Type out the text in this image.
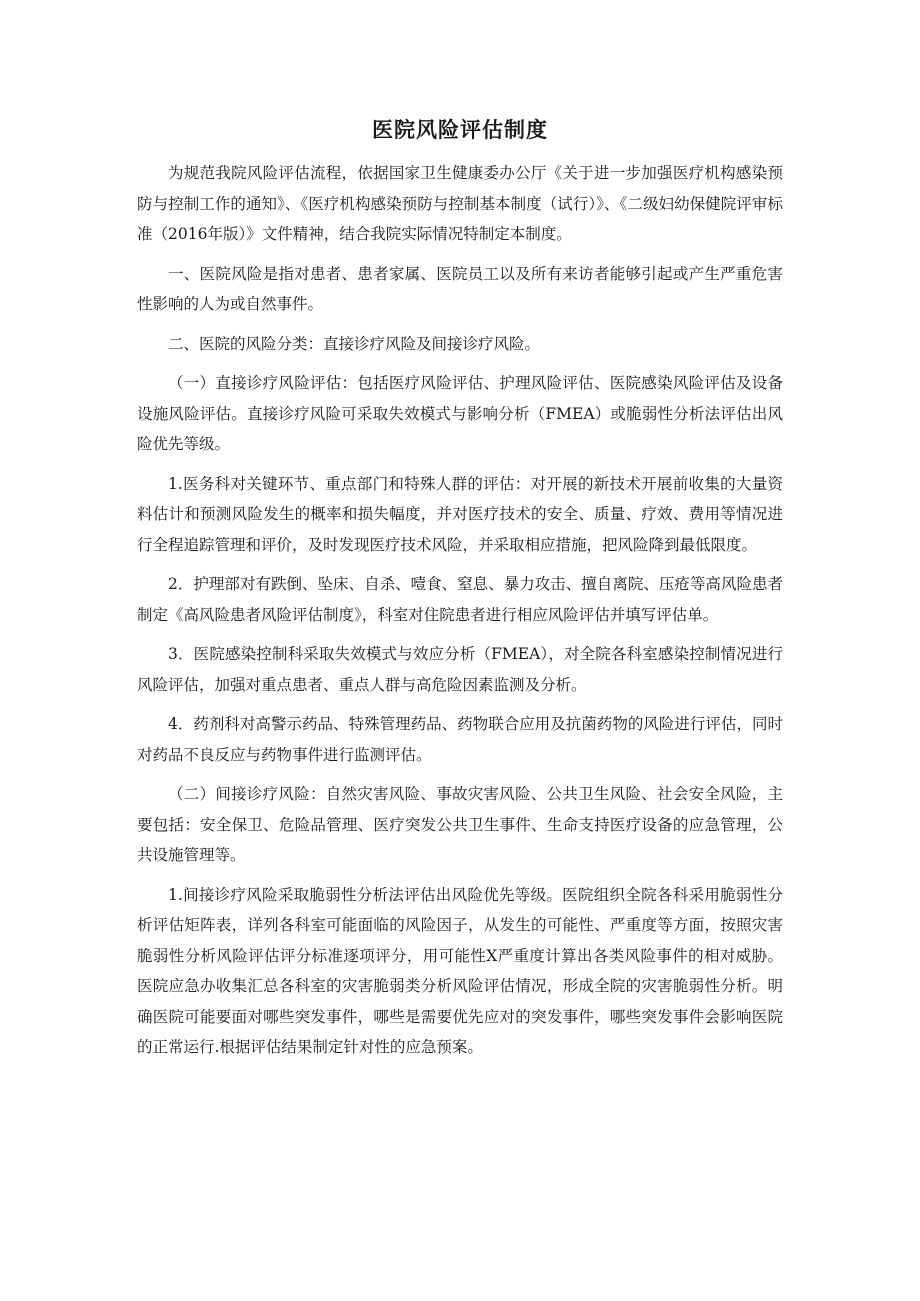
医院风险评估制度

为规范我院风险评估流程，依据国家卫生健康委办公厅《关于进一步加强医疗机构感染预防与控制工作的通知》、《医疗机构感染预防与控制基本制度（试行）》、《二级妇幼保健院评审标准（2016年版）》文件精神，结合我院实际情况特制定本制度。

一、医院风险是指对患者、患者家属、医院员工以及所有来访者能够引起或产生严重危害性影响的人为或自然事件。

二、医院的风险分类：直接诊疗风险及间接诊疗风险。

（一）直接诊疗风险评估：包括医疗风险评估、护理风险评估、医院感染风险评估及设备设施风险评估。直接诊疗风险可采取失效模式与影响分析（FMEA）或脆弱性分析法评估出风险优先等级。

1.医务科对关键环节、重点部门和特殊人群的评估：对开展的新技术开展前收集的大量资料估计和预测风险发生的概率和损失幅度，并对医疗技术的安全、质量、疗效、费用等情况进行全程追踪管理和评价，及时发现医疗技术风险，并采取相应措施，把风险降到最低限度。

2．护理部对有跌倒、坠床、自杀、噎食、窒息、暴力攻击、擅自离院、压疮等高风险患者制定《高风险患者风险评估制度》，科室对住院患者进行相应风险评估并填写评估单。

3．医院感染控制科采取失效模式与效应分析（FMEA），对全院各科室感染控制情况进行风险评估，加强对重点患者、重点人群与高危险因素监测及分析。

4．药剂科对高警示药品、特殊管理药品、药物联合应用及抗菌药物的风险进行评估，同时对药品不良反应与药物事件进行监测评估。

（二）间接诊疗风险：自然灾害风险、事故灾害风险、公共卫生风险、社会安全风险，主要包括：安全保卫、危险品管理、医疗突发公共卫生事件、生命支持医疗设备的应急管理，公共设施管理等。

1.间接诊疗风险采取脆弱性分析法评估出风险优先等级。医院组织全院各科采用脆弱性分析评估矩阵表，详列各科室可能面临的风险因子，从发生的可能性、严重度等方面，按照灾害脆弱性分析风险评估评分标准逐项评分，用可能性X严重度计算出各类风险事件的相对威胁。医院应急办收集汇总各科室的灾害脆弱类分析风险评估情况，形成全院的灾害脆弱性分析。明确医院可能要面对哪些突发事件，哪些是需要优先应对的突发事件，哪些突发事件会影响医院的正常运行.根据评估结果制定针对性的应急预案。
